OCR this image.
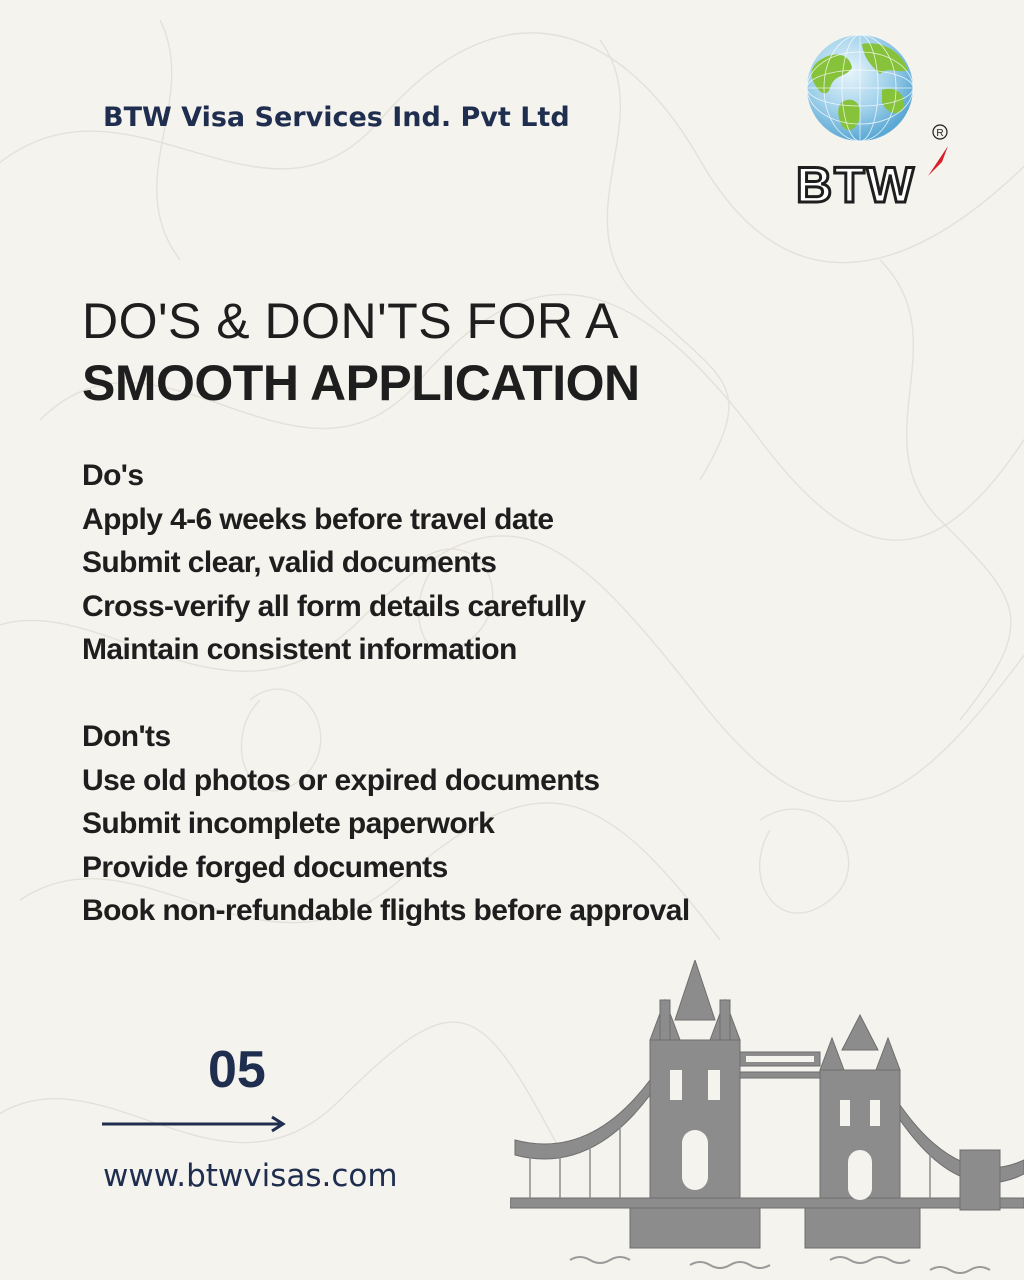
BTW Visa Services Ind. Pvt Ltd
BTW
R
DO'S & DON'TS FOR A
SMOOTH APPLICATION
Do's
Apply 4-6 weeks before travel date
Submit clear, valid documents
Cross-verify all form details carefully
Maintain consistent information
Don'ts
Use old photos or expired documents
Submit incomplete paperwork
Provide forged documents
Book non-refundable flights before approval
05
www.btwvisas.com
